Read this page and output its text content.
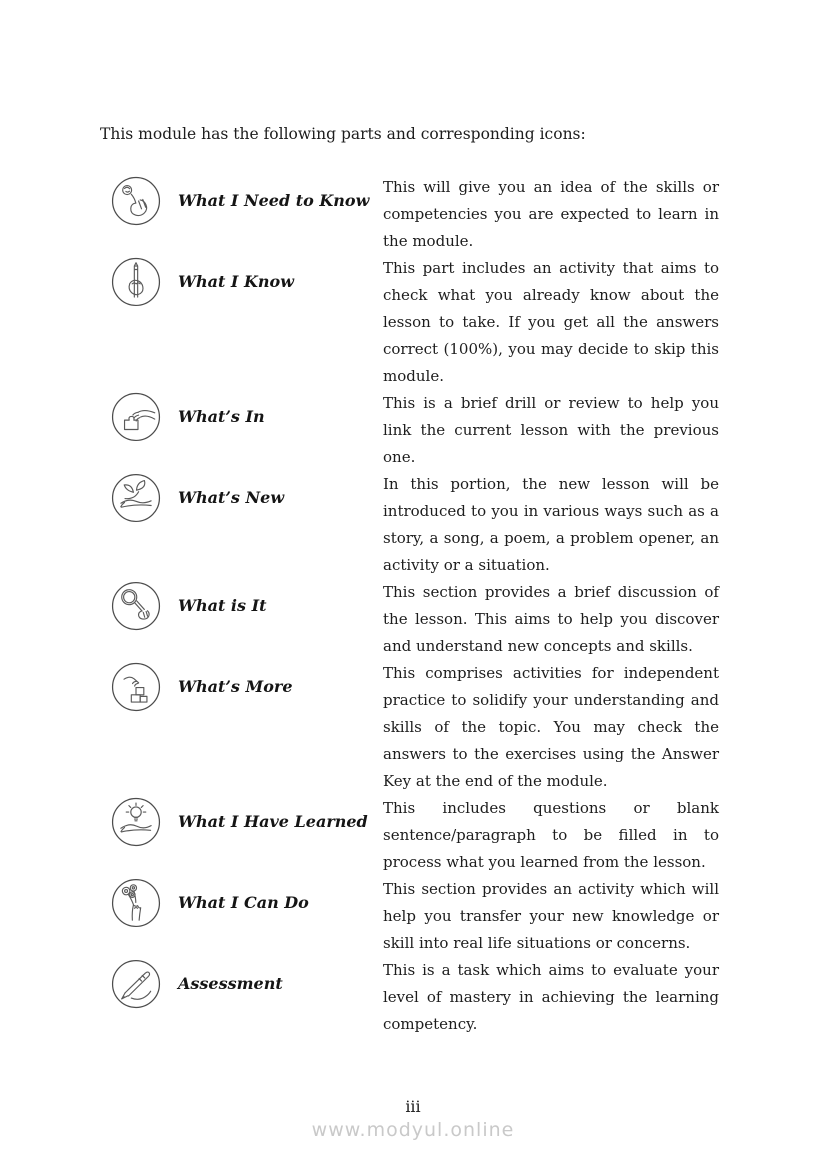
This module has the following parts and corresponding icons:
What I Need to Know
This will give you an idea of the skills or competencies you are expected to learn in the module.
What I Know
This part includes an activity that aims to check what you already know about the lesson to take. If you get all the answers correct (100%), you may decide to skip this module.
What’s In
This is a brief drill or review to help you link the current lesson with the previous one.
What’s New
In this portion, the new lesson will be introduced to you in various ways such as a story, a song, a poem, a problem opener, an activity or a situation.
What is It
This section provides a brief discussion of the lesson. This aims to help you discover and understand new concepts and skills.
What’s More
This comprises activities for independent practice to solidify your understanding and skills of the topic. You may check the answers to the exercises using the Answer Key at the end of the module.
What I Have Learned
This includes questions or blank sentence/paragraph to be filled in to process what you learned from the lesson.
What I Can Do
This section provides an activity which will help you transfer your new knowledge or skill into real life situations or concerns.
Assessment
This is a task which aims to evaluate your level of mastery in achieving the learning competency.
iii
www.modyul.online
